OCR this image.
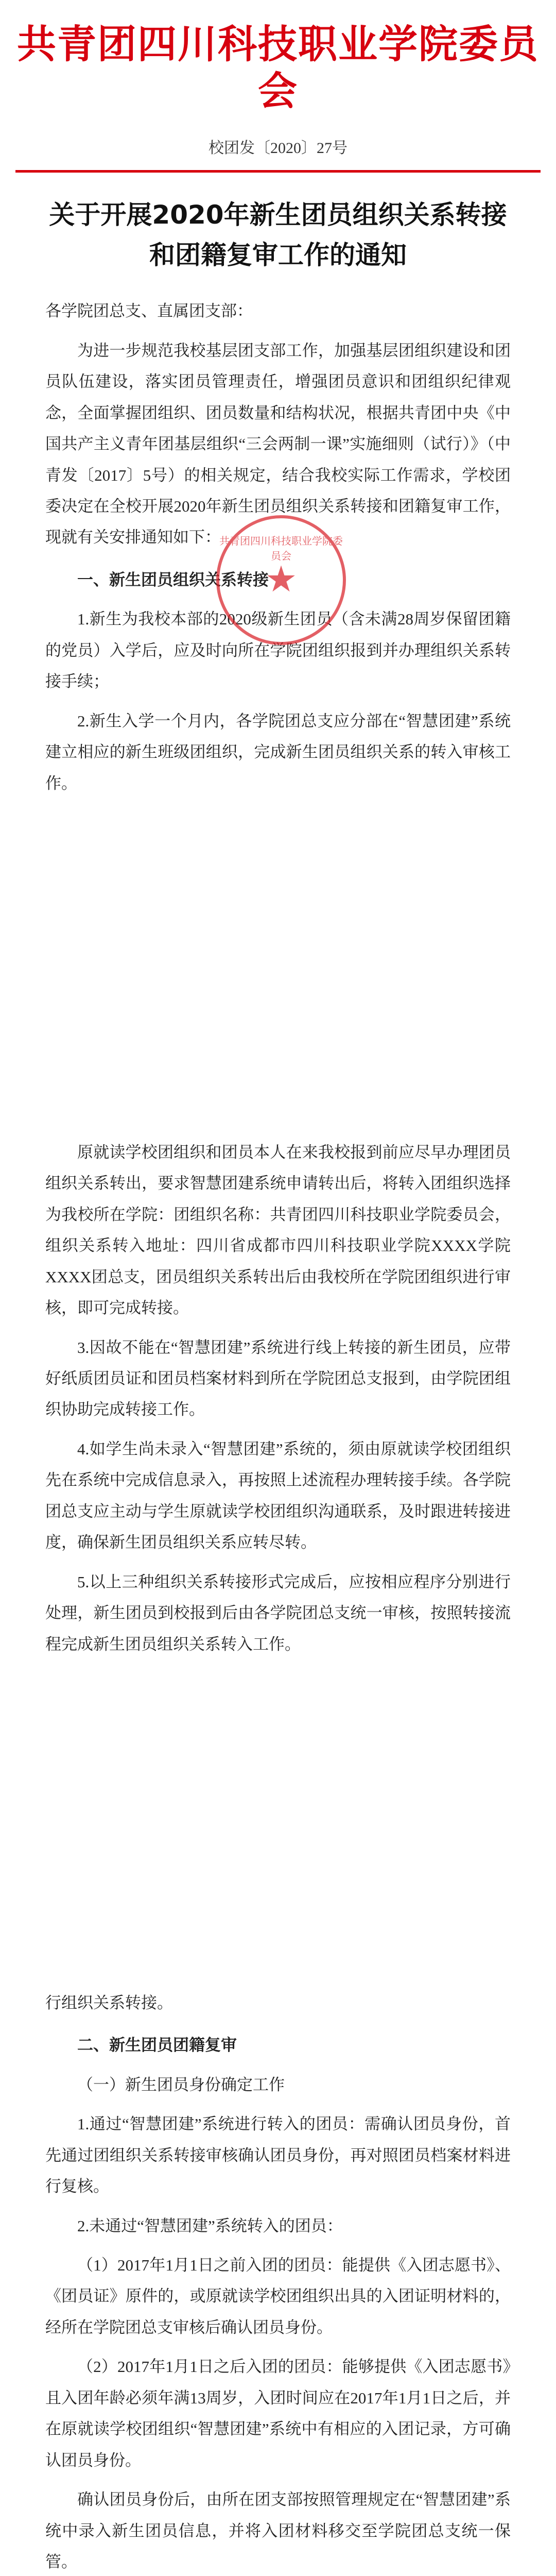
共青团四川科技职业学院委员会
校团发〔2020〕27号
关于开展2020年新生团员组织关系转接和团籍复审工作的通知

各学院团总支、直属团支部：

为进一步规范我校基层团支部工作，加强基层团组织建设和团员队伍建设，落实团员管理责任，增强团员意识和团组织纪律观念，全面掌握团组织、团员数量和结构状况，根据共青团中央《中国共产主义青年团基层组织“三会两制一课”实施细则（试行）》（中青发〔2017〕5号）的相关规定，结合我校实际工作需求，学校团委决定在全校开展2020年新生团员组织关系转接和团籍复审工作，现就有关安排通知如下：

一、新生团员组织关系转接

1.新生为我校本部的2020级新生团员（含未满28周岁保留团籍的党员）入学后，应及时向所在学院团组织报到并办理组织关系转接手续；

2.新生入学一个月内，各学院团总支应分部在“智慧团建”系统建立相应的新生班级团组织，完成新生团员组织关系的转入审核工作。

原就读学校团组织和团员本人在来我校报到前应尽早办理团员组织关系转出，要求智慧团建系统申请转出后，将转入团组织选择为我校所在学院：团组织名称：共青团四川科技职业学院委员会，组织关系转入地址：四川省成都市四川科技职业学院XXXX学院XXXX团总支，团员组织关系转出后由我校所在学院团组织进行审核，即可完成转接。

3.因故不能在“智慧团建”系统进行线上转接的新生团员，应带好纸质团员证和团员档案材料到所在学院团总支报到，由学院团组织协助完成转接工作。

4.如学生尚未录入“智慧团建”系统的，须由原就读学校团组织先在系统中完成信息录入，再按照上述流程办理转接手续。各学院团总支应主动与学生原就读学校团组织沟通联系，及时跟进转接进度，确保新生团员组织关系应转尽转。

5.以上三种组织关系转接形式完成后，应按相应程序分别进行处理，新生团员到校报到后由各学院团总支统一审核，按照转接流程完成新生团员组织关系转入工作。

行组织关系转接。

二、新生团员团籍复审

（一）新生团员身份确定工作

1.通过“智慧团建”系统进行转入的团员：需确认团员身份，首先通过团组织关系转接审核确认团员身份，再对照团员档案材料进行复核。

2.未通过“智慧团建”系统转入的团员：

（1）2017年1月1日之前入团的团员：能提供《入团志愿书》、《团员证》原件的，或原就读学校团组织出具的入团证明材料的，经所在学院团总支审核后确认团员身份。

（2）2017年1月1日之后入团的团员：能够提供《入团志愿书》且入团年龄必须年满13周岁，入团时间应在2017年1月1日之后，并在原就读学校团组织“智慧团建”系统中有相应的入团记录，方可确认团员身份。

确认团员身份后，由所在团支部按照管理规定在“智慧团建”系统中录入新生团员信息，并将入团材料移交至学院团总支统一保管。

共青团四川科技职业学院委员会
★
